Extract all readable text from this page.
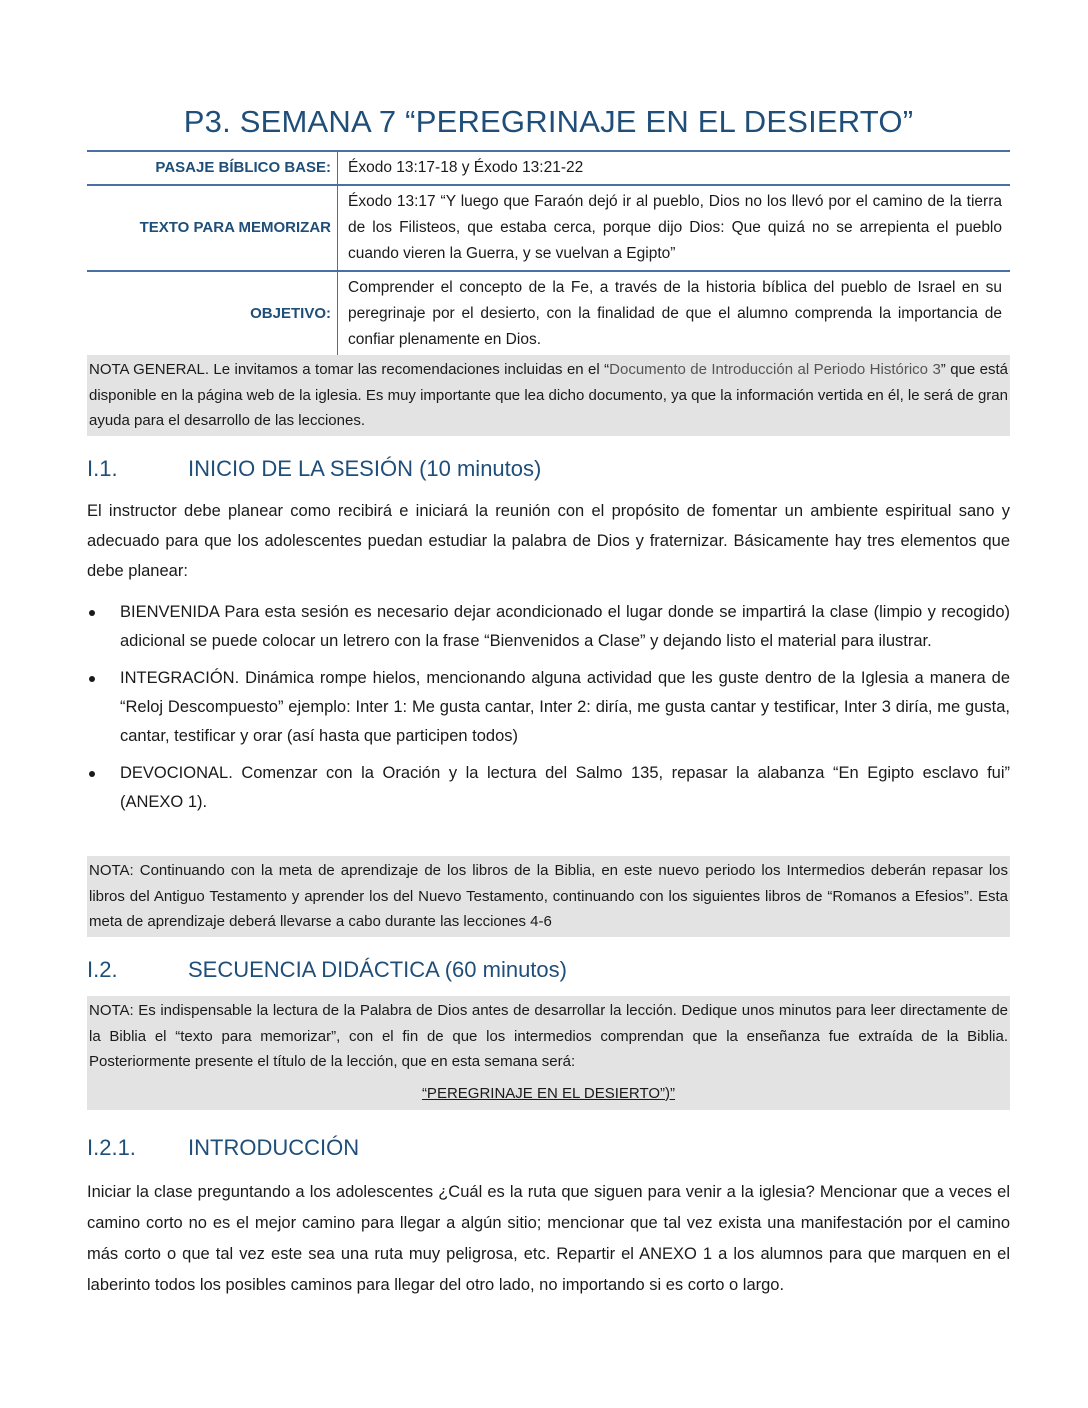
P3. SEMANA 7 “PEREGRINAJE EN EL DESIERTO”
PASAJE BÍBLICO BASE:	Éxodo 13:17-18 y Éxodo 13:21-22
TEXTO PARA MEMORIZAR	Éxodo 13:17 “Y luego que Faraón dejó ir al pueblo, Dios no los llevó por el camino de la tierra de los Filisteos, que estaba cerca, porque dijo Dios: Que quizá no se arrepienta el pueblo cuando vieren la Guerra, y se vuelvan a Egipto”
OBJETIVO:	Comprender el concepto de la Fe, a través de la historia bíblica del pueblo de Israel en su peregrinaje por el desierto, con la finalidad de que el alumno comprenda la importancia de confiar plenamente en Dios.
NOTA GENERAL. Le invitamos a tomar las recomendaciones incluidas en el “Documento de Introducción al Periodo Histórico 3” que está disponible en la página web de la iglesia. Es muy importante que lea dicho documento, ya que la información vertida en él, le será de gran ayuda para el desarrollo de las lecciones.
I.1.	INICIO DE LA SESIÓN (10 minutos)
El instructor debe planear como recibirá e iniciará la reunión con el propósito de fomentar un ambiente espiritual sano y adecuado para que los adolescentes puedan estudiar la palabra de Dios y fraternizar. Básicamente hay tres elementos que debe planear:
BIENVENIDA Para esta sesión es necesario dejar acondicionado el lugar donde se impartirá la clase (limpio y recogido) adicional se puede colocar un letrero con la frase “Bienvenidos a Clase” y dejando listo el material para ilustrar.
INTEGRACIÓN. Dinámica rompe hielos, mencionando alguna actividad que les guste dentro de la Iglesia a manera de “Reloj Descompuesto” ejemplo: Inter 1: Me gusta cantar, Inter 2: diría, me gusta cantar y testificar, Inter 3 diría, me gusta, cantar, testificar y orar (así hasta que participen todos)
DEVOCIONAL. Comenzar con la Oración y la lectura del Salmo 135, repasar la alabanza “En Egipto esclavo fui” (ANEXO 1).
NOTA: Continuando con la meta de aprendizaje de los libros de la Biblia, en este nuevo periodo los Intermedios deberán repasar los libros del Antiguo Testamento y aprender los del Nuevo Testamento, continuando con los siguientes libros de “Romanos a Efesios”. Esta meta de aprendizaje deberá llevarse a cabo durante las lecciones 4-6
I.2.	SECUENCIA DIDÁCTICA (60 minutos)
NOTA: Es indispensable la lectura de la Palabra de Dios antes de desarrollar la lección. Dedique unos minutos para leer directamente de la Biblia el “texto para memorizar”, con el fin de que los intermedios comprendan que la enseñanza fue extraída de la Biblia. Posteriormente presente el título de la lección, que en esta semana será:
“PEREGRINAJE EN EL DESIERTO”)”
I.2.1. INTRODUCCIÓN
Iniciar la clase preguntando a los adolescentes ¿Cuál es la ruta que siguen para venir a la iglesia? Mencionar que a veces el camino corto no es el mejor camino para llegar a algún sitio; mencionar que tal vez exista una manifestación por el camino más corto o que tal vez este sea una ruta muy peligrosa, etc. Repartir el ANEXO 1 a los alumnos para que marquen en el laberinto todos los posibles caminos para llegar del otro lado, no importando si es corto o largo.
